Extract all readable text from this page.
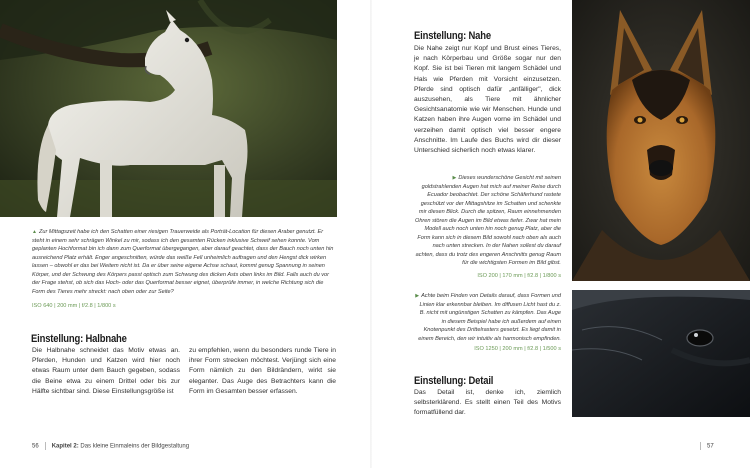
▲ Zur Mittagszeit habe ich den Schatten einer riesigen Trauerweide als Porträt-Location für diesen Araber genutzt. Er steht in einem sehr schrägen Winkel zu mir, sodass ich den gesamten Rücken inklusive Schweif sehen konnte. Vom geplanten Hochformat bin ich dann zum Querformat übergegangen, aber darauf geachtet, dass der Bauch noch unten hin ausreichend Platz erhält. Enger angeschnitten, würde das weiße Fell unheimlich auftragen und den Hengst dick wirken lassen – obwohl er das bei Weitem nicht ist. Da er über seine eigene Achse schaut, kommt genug Spannung in seinen Körper, und der Schwung des Körpers passt optisch zum Schwung des dicken Asts oben links im Bild. Falls auch du vor der Frage stehst, ob sich das Hoch- oder das Querformat besser eignet, überprüfe immer, in welche Richtung sich die Form des Tieres mehr streckt: nach oben oder zur Seite?
ISO 640 | 200 mm | f/2.8 | 1/800 s
Einstellung: Halbnahe
Die Halbnahe schneidet das Motiv etwas an. Pferden, Hunden und Katzen wird hier noch etwas Raum unter dem Bauch gegeben, sodass die Beine etwa zu einem Drittel oder bis zur Hälfte sichtbar sind. Diese Einstellungsgröße ist
zu empfehlen, wenn du besonders runde Tiere in ihrer Form strecken möchtest. Verjüngt sich eine Form nämlich zu den Bildrändern, wirkt sie eleganter. Das Auge des Betrachters kann die Form im Gesamten besser erfassen.
56 Kapitel 2: Das kleine Einmaleins der Bildgestaltung
Einstellung: Nahe
Die Nahe zeigt nur Kopf und Brust eines Tieres, je nach Körperbau und Größe sogar nur den Kopf. Sie ist bei Tieren mit langem Schädel und Hals wie Pferden mit Vorsicht einzusetzen. Pferde sind optisch dafür „anfälliger", dick auszusehen, als Tiere mit ähnlicher Gesichtsanatomie wie wir Menschen. Hunde und Katzen haben ihre Augen vorne im Schädel und verzeihen damit optisch viel besser engere Anschnitte. Im Laufe des Buchs wird dir dieser Unterschied sicherlich noch etwas klarer.
▶ Dieses wunderschöne Gesicht mit seinen goldstrahlenden Augen hat mich auf meiner Reise durch Ecuador beobachtet. Der schöne Schäferhund rastete geschützt vor der Mittagshitze im Schatten und schenkte mir diesen Blick. Durch die spitzen, Raum einnehmenden Ohren stören die Augen im Bild etwas tiefer. Zwar hat mein Modell auch noch unten hin noch genug Platz, aber die Form kann sich in diesem Bild sowohl nach oben als auch nach unten strecken. In der Nahen sollest du darauf achten, dass du trotz des engeren Anschnitts genug Raum für die wichtigsten Formen im Bild gibst.
ISO 200 | 170 mm | f/2.8 | 1/800 s
▶ Achte beim Finden von Details darauf, dass Formen und Linien klar erkennbar bleiben. Im diffusen Licht hast du z. B. nicht mit ungünstigen Schatten zu kämpfen. Das Auge in diesem Beispiel habe ich außerdem auf einen Knotenpunkt des Drittelrasters gesetzt. Es liegt damit in einem Bereich, den wir intuitiv als harmonisch empfinden.
ISO 1250 | 200 mm | f/2.8 | 1/500 s
Einstellung: Detail
Das Detail ist, denke ich, ziemlich selbsterklärend. Es stellt einen Teil des Motivs formatfüllend dar.
57
